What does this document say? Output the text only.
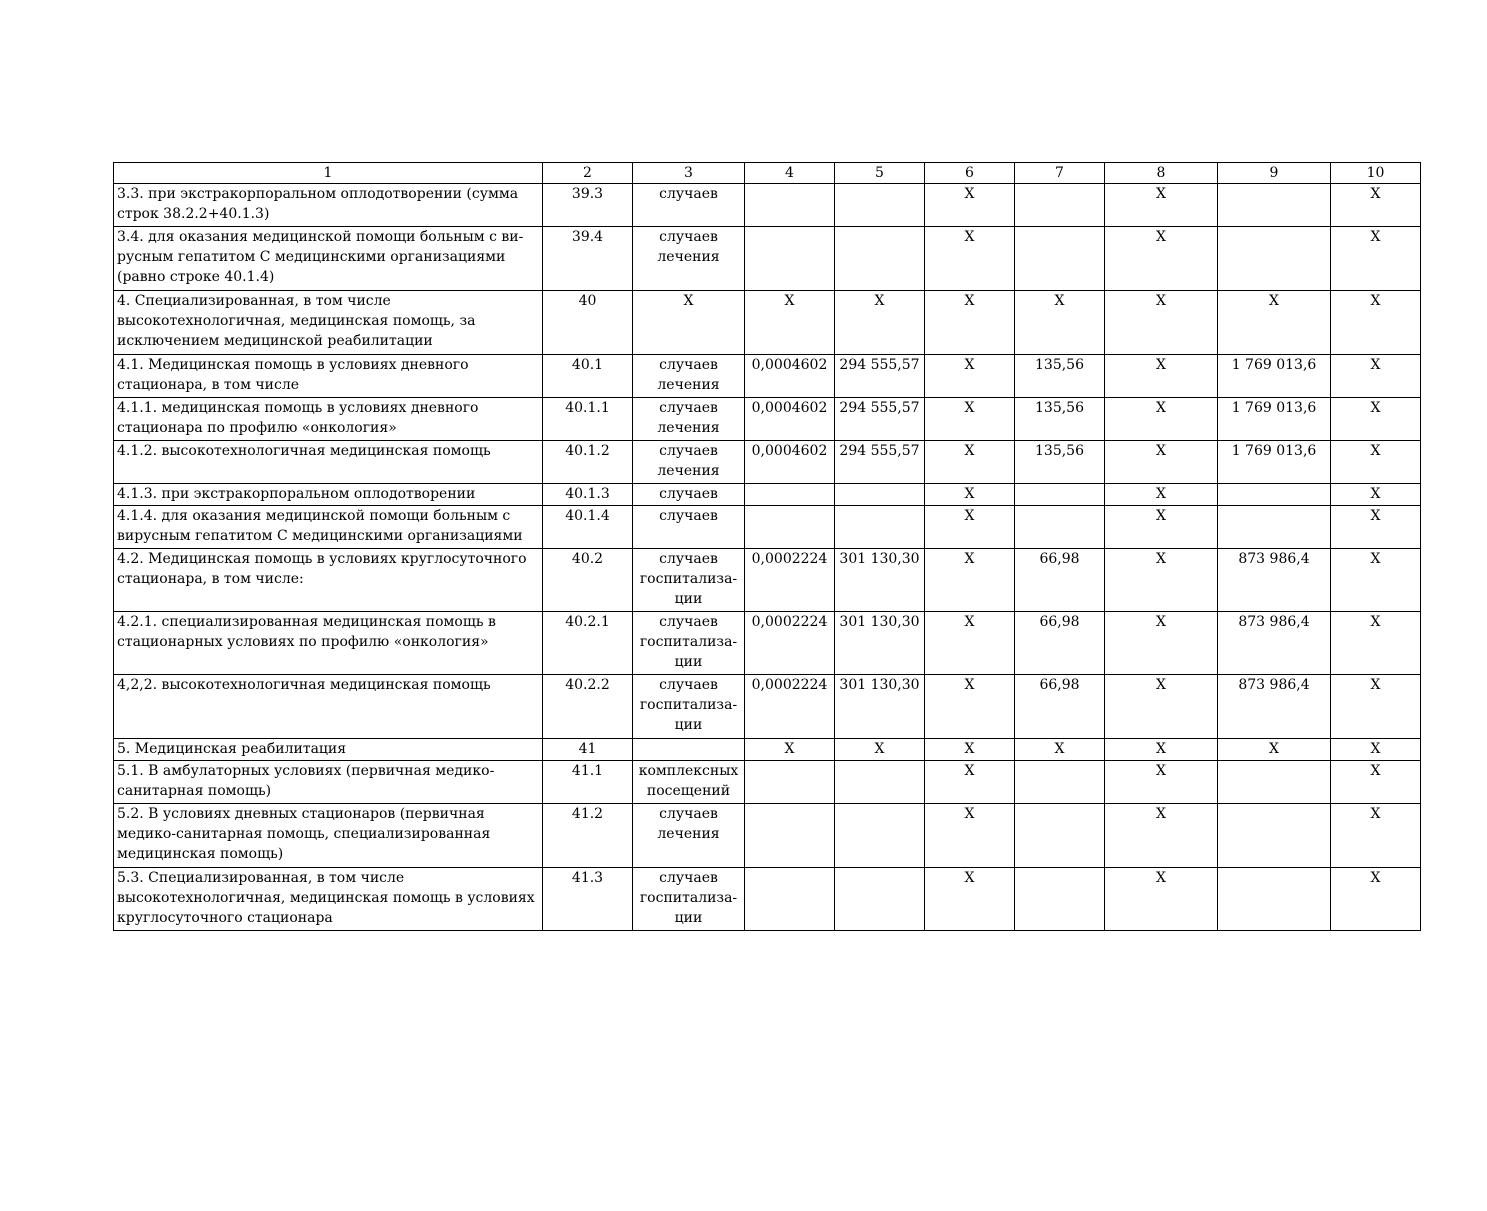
1	2	3	4	5	6	7	8	9	10
3.3. при экстракорпоральном оплодотворении (сумма строк 38.2.2+40.1.3)	39.3	случаев			Х		Х		Х
3.4. для оказания медицинской помощи больным с ви-русным гепатитом С медицинскими организациями (равно строке 40.1.4)	39.4	случаев лечения			Х		Х		Х
4. Специализированная, в том числе высокотехнологичная, медицинская помощь, за исключением медицинской реабилитации	40	Х	Х	Х	Х	Х	Х	Х	Х
4.1. Медицинская помощь в условиях дневного стационара, в том числе	40.1	случаев лечения	0,0004602	294 555,57	Х	135,56	Х	1 769 013,6	Х
4.1.1. медицинская помощь в условиях дневного стационара по профилю «онкология»	40.1.1	случаев лечения	0,0004602	294 555,57	Х	135,56	Х	1 769 013,6	Х
4.1.2. высокотехнологичная медицинская помощь	40.1.2	случаев лечения	0,0004602	294 555,57	Х	135,56	Х	1 769 013,6	Х
4.1.3. при экстракорпоральном оплодотворении	40.1.3	случаев			Х		Х		Х
4.1.4. для оказания медицинской помощи больным с вирусным гепатитом С медицинскими организациями	40.1.4	случаев			Х		Х		Х
4.2. Медицинская помощь в условиях круглосуточного стационара, в том числе:	40.2	случаев госпитализа-ции	0,0002224	301 130,30	Х	66,98	Х	873 986,4	Х
4.2.1. специализированная медицинская помощь в стационарных условиях по профилю «онкология»	40.2.1	случаев госпитализа-ции	0,0002224	301 130,30	Х	66,98	Х	873 986,4	Х
4,2,2. высокотехнологичная медицинская помощь	40.2.2	случаев госпитализа-ции	0,0002224	301 130,30	Х	66,98	Х	873 986,4	Х
5. Медицинская реабилитация	41		Х	Х	Х	Х	Х	Х	Х
5.1. В амбулаторных условиях (первичная медико-санитарная помощь)	41.1	комплексных посещений			Х		Х		Х
5.2. В условиях дневных стационаров (первичная медико-санитарная помощь, специализированная медицинская помощь)	41.2	случаев лечения			Х		Х		Х
5.3. Специализированная, в том числе высокотехнологичная, медицинская помощь в условиях круглосуточного стационара	41.3	случаев госпитализа-ции			Х		Х		Х
